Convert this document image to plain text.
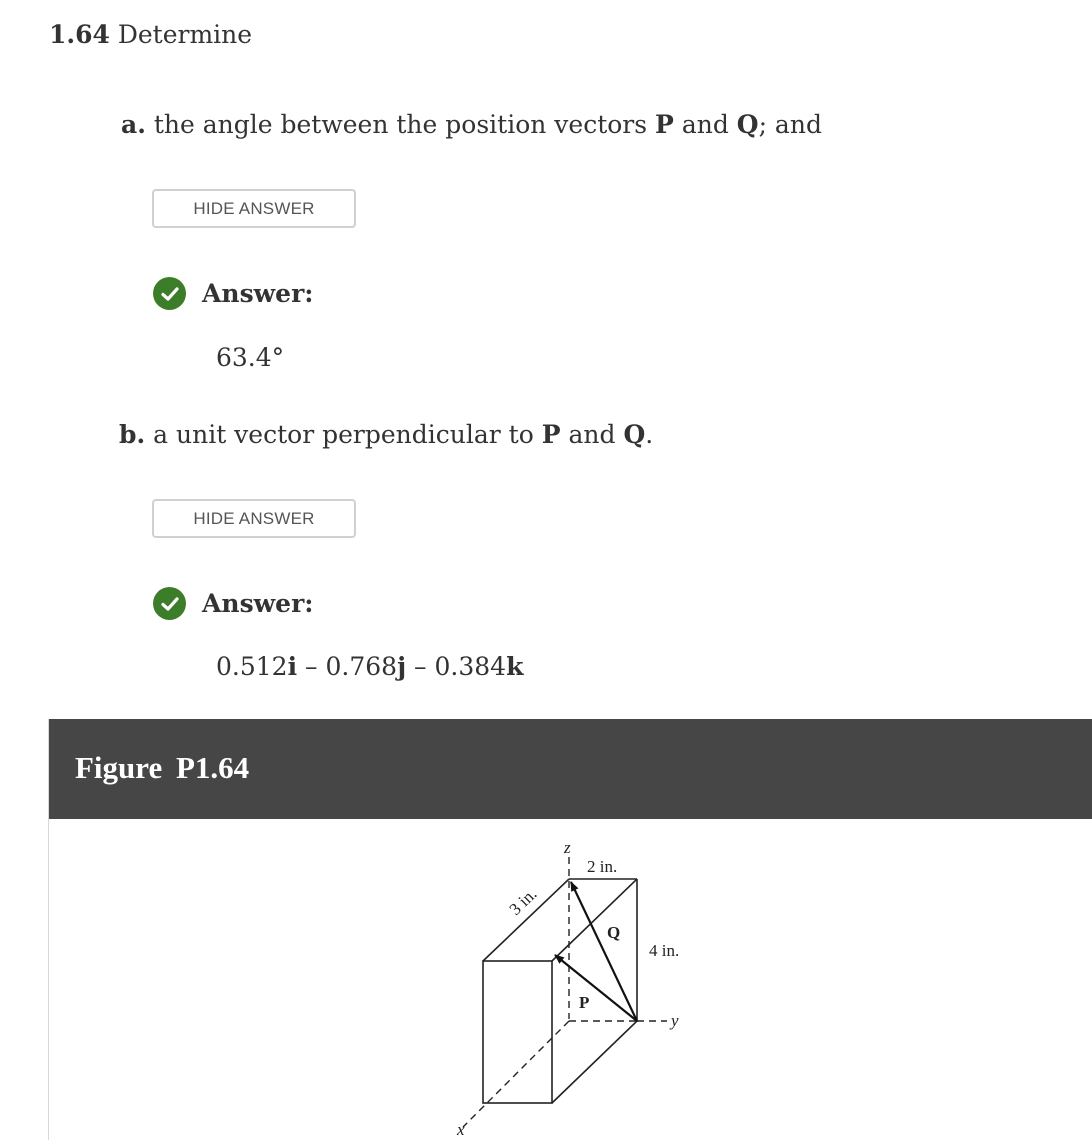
1.64 Determine
a. the angle between the position vectors P and Q; and
HIDE ANSWER
Answer:
63.4°
b. a unit vector perpendicular to P and Q.
HIDE ANSWER
Answer:
0.512i – 0.768j – 0.384k
Figure P1.64
z
2 in.
4 in.
3 in.
Q
P
y
x
